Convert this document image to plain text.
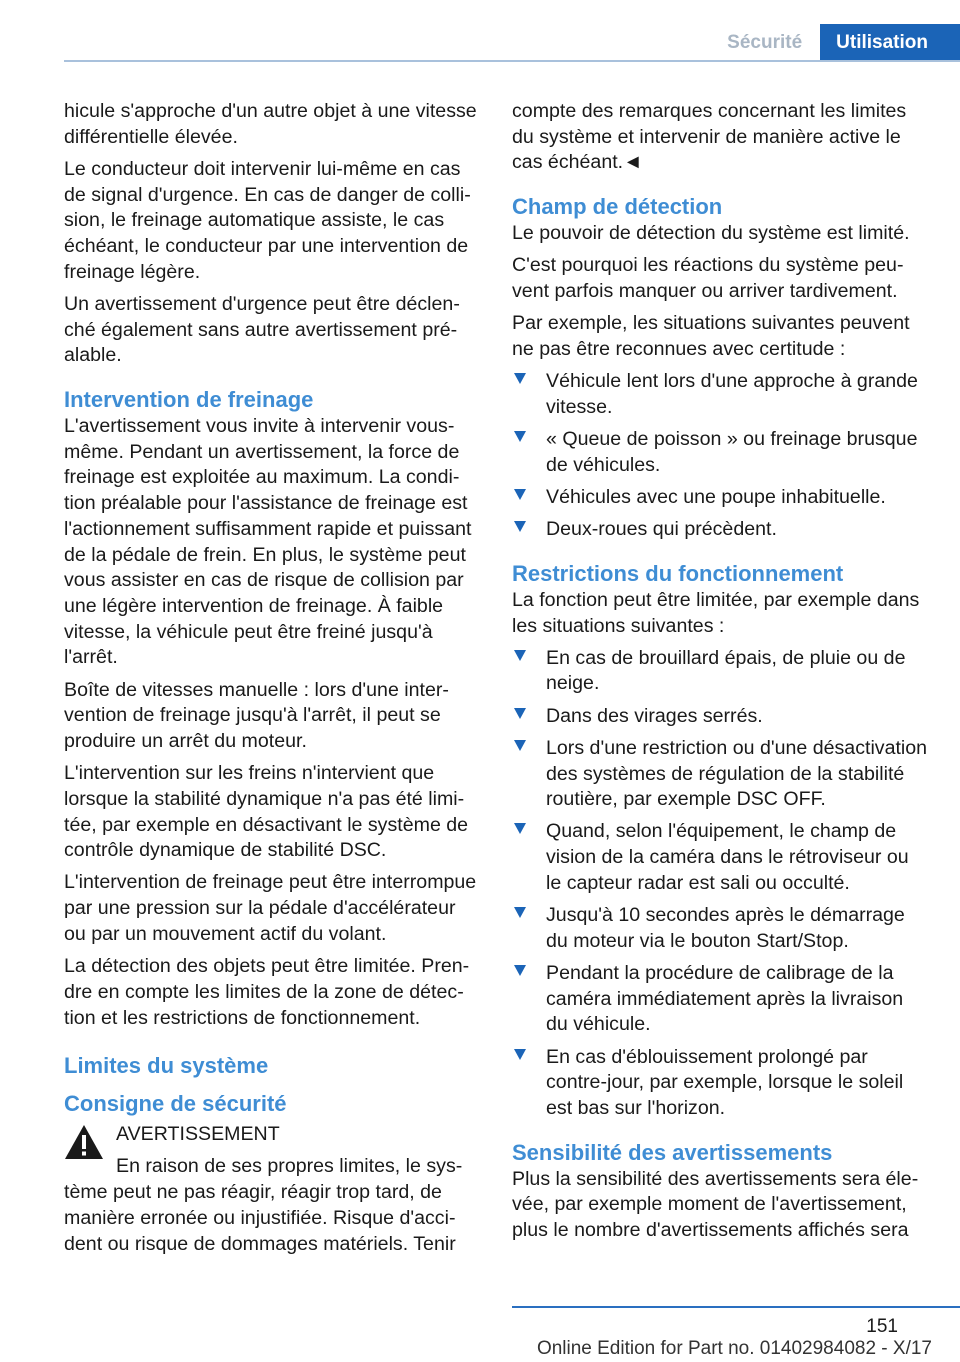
Sécurité	Utilisation

hicule s'approche d'un autre objet à une vitesse différentielle élevée.

Le conducteur doit intervenir lui-même en cas de signal d'urgence. En cas de danger de collision, le freinage automatique assiste, le cas échéant, le conducteur par une intervention de freinage légère.

Un avertissement d'urgence peut être déclenché également sans autre avertissement préalable.

Intervention de freinage

L'avertissement vous invite à intervenir vous-même. Pendant un avertissement, la force de freinage est exploitée au maximum. La condition préalable pour l'assistance de freinage est l'actionnement suffisamment rapide et puissant de la pédale de frein. En plus, le système peut vous assister en cas de risque de collision par une légère intervention de freinage. À faible vitesse, la véhicule peut être freiné jusqu'à l'arrêt.

Boîte de vitesses manuelle : lors d'une intervention de freinage jusqu'à l'arrêt, il peut se produire un arrêt du moteur.

L'intervention sur les freins n'intervient que lorsque la stabilité dynamique n'a pas été limitée, par exemple en désactivant le système de contrôle dynamique de stabilité DSC.

L'intervention de freinage peut être interrompue par une pression sur la pédale d'accélérateur ou par un mouvement actif du volant.

La détection des objets peut être limitée. Prendre en compte les limites de la zone de détection et les restrictions de fonctionnement.

Limites du système
Consigne de sécurité

AVERTISSEMENT

En raison de ses propres limites, le système peut ne pas réagir, réagir trop tard, de manière erronée ou injustifiée. Risque d'accident ou risque de dommages matériels. Tenir

compte des remarques concernant les limites du système et intervenir de manière active le cas échéant.◄

Champ de détection

Le pouvoir de détection du système est limité.

C'est pourquoi les réactions du système peuvent parfois manquer ou arriver tardivement.

Par exemple, les situations suivantes peuvent ne pas être reconnues avec certitude :

Véhicule lent lors d'une approche à grande vitesse.
« Queue de poisson » ou freinage brusque de véhicules.
Véhicules avec une poupe inhabituelle.
Deux-roues qui précèdent.
Restrictions du fonctionnement

La fonction peut être limitée, par exemple dans les situations suivantes :

En cas de brouillard épais, de pluie ou de neige.
Dans des virages serrés.
Lors d'une restriction ou d'une désactivation des systèmes de régulation de la stabilité routière, par exemple DSC OFF.
Quand, selon l'équipement, le champ de vision de la caméra dans le rétroviseur ou le capteur radar est sali ou occulté.
Jusqu'à 10 secondes après le démarrage du moteur via le bouton Start/Stop.
Pendant la procédure de calibrage de la caméra immédiatement après la livraison du véhicule.
En cas d'éblouissement prolongé par contre-jour, par exemple, lorsque le soleil est bas sur l'horizon.
Sensibilité des avertissements

Plus la sensibilité des avertissements sera élevée, par exemple moment de l'avertissement, plus le nombre d'avertissements affichés sera

151
Online Edition for Part no. 01402984082 - X/17
